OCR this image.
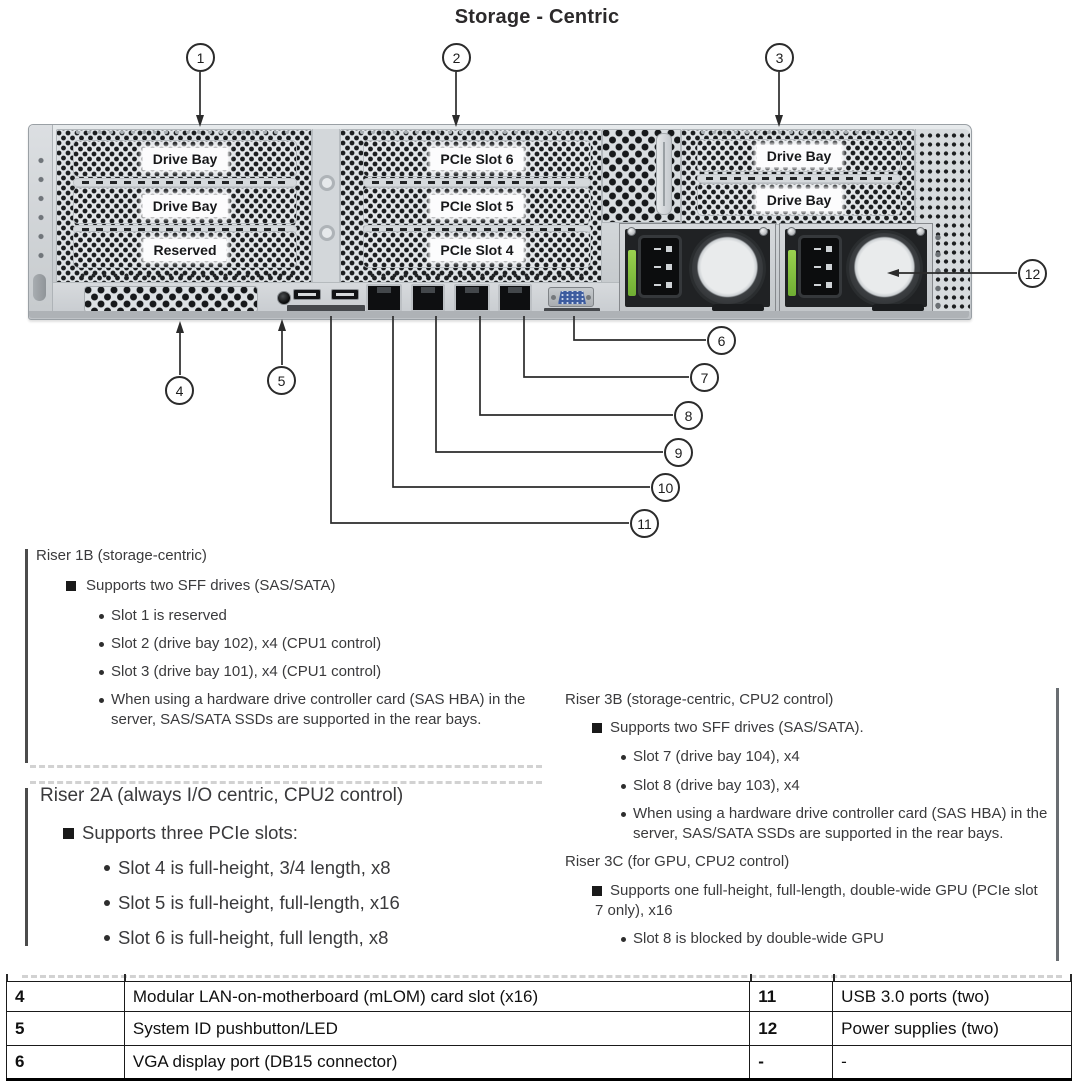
Storage - Centric
Drive Bay
Drive Bay
Reserved
PCIe Slot 6
PCIe Slot 5
PCIe Slot 4
Drive Bay
Drive Bay
1	2	3
4
5
6
7
8
9
10
11
12
Riser 1B (storage-centric)
Supports two SFF drives (SAS/SATA)
Slot 1 is reserved
Slot 2 (drive bay 102), x4 (CPU1 control)
Slot 3 (drive bay 101), x4 (CPU1 control)
When using a hardware drive controller card (SAS HBA) in the server, SAS/SATA SSDs are supported in the rear bays.
Riser 2A (always I/O centric, CPU2 control)
Supports three PCIe slots:
Slot 4 is full-height, 3/4 length, x8
Slot 5 is full-height, full-length, x16
Slot 6 is full-height, full length, x8
Riser 3B (storage-centric, CPU2 control)
Supports two SFF drives (SAS/SATA).
Slot 7 (drive bay 104), x4
Slot 8 (drive bay 103), x4
When using a hardware drive controller card (SAS HBA) in the server, SAS/SATA SSDs are supported in the rear bays.
Riser 3C (for GPU, CPU2 control)
Supports one full-height, full-length, double-wide GPU (PCIe slot 7 only), x16
Slot 8 is blocked by double-wide GPU
4	Modular LAN-on-motherboard (mLOM) card slot (x16)	11	USB 3.0 ports (two)
5	System ID pushbutton/LED	12	Power supplies (two)
6	VGA display port (DB15 connector)	-	-
